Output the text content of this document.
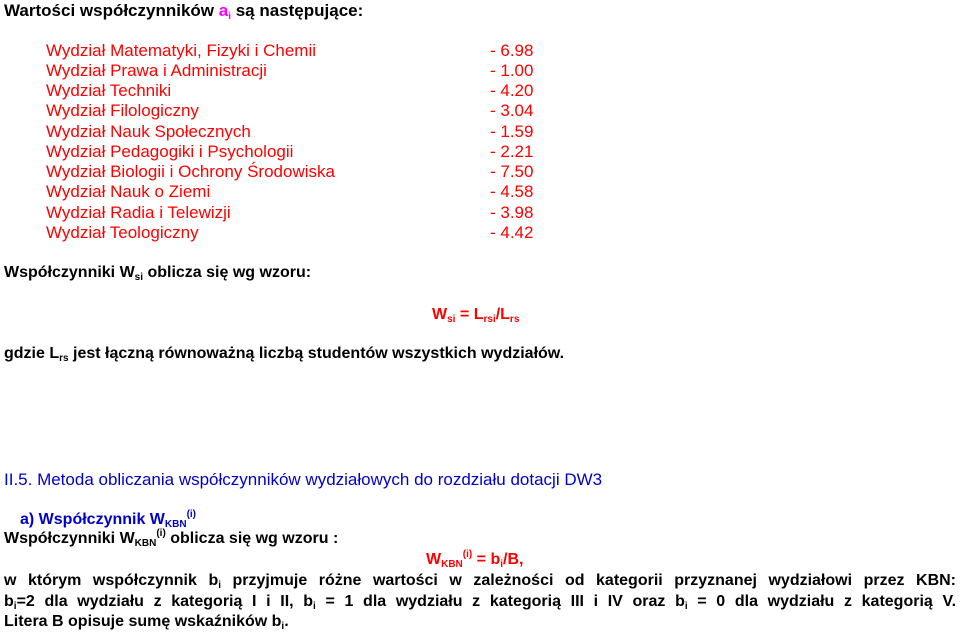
Wartości współczynników $a_i$ są następujące:
Wydział Matematyki, Fizyki i Chemii	- 6.98
Wydział Prawa i Administracji	- 1.00
Wydział Techniki	- 4.20
Wydział Filologiczny	- 3.04
Wydział Nauk Społecznych	- 1.59
Wydział Pedagogiki i Psychologii	- 2.21
Wydział Biologii i Ochrony Środowiska	- 7.50
Wydział Nauk o Ziemi	- 4.58
Wydział Radia i Telewizji	- 3.98
Wydział Teologiczny	- 4.42
Współczynniki $W_{si}$ oblicza się wg wzoru:
$W_{si} = L_{rsi}/L_{rs}$
gdzie $L_{rs}$ jest łączną równoważną liczbą studentów wszystkich wydziałów.
II.5. Metoda obliczania współczynników wydziałowych do rozdziału dotacji DW3
a) Współczynnik $W_{KBN}^{(i)}$
Współczynniki $W_{KBN}^{(i)}$ oblicza się wg wzoru :
$W_{KBN}^{(i)} = b_i/B$,
w którym współczynnik $b_i$ przyjmuje różne wartości w zależności od kategorii przyznanej wydziałowi przez KBN:
$b_i=2$ dla wydziału z kategorią I i II, $b_i = 1$ dla wydziału z kategorią III i IV oraz $b_i = 0$ dla wydziału z kategorią V.
Litera B opisuje sumę wskaźników $b_i$.
